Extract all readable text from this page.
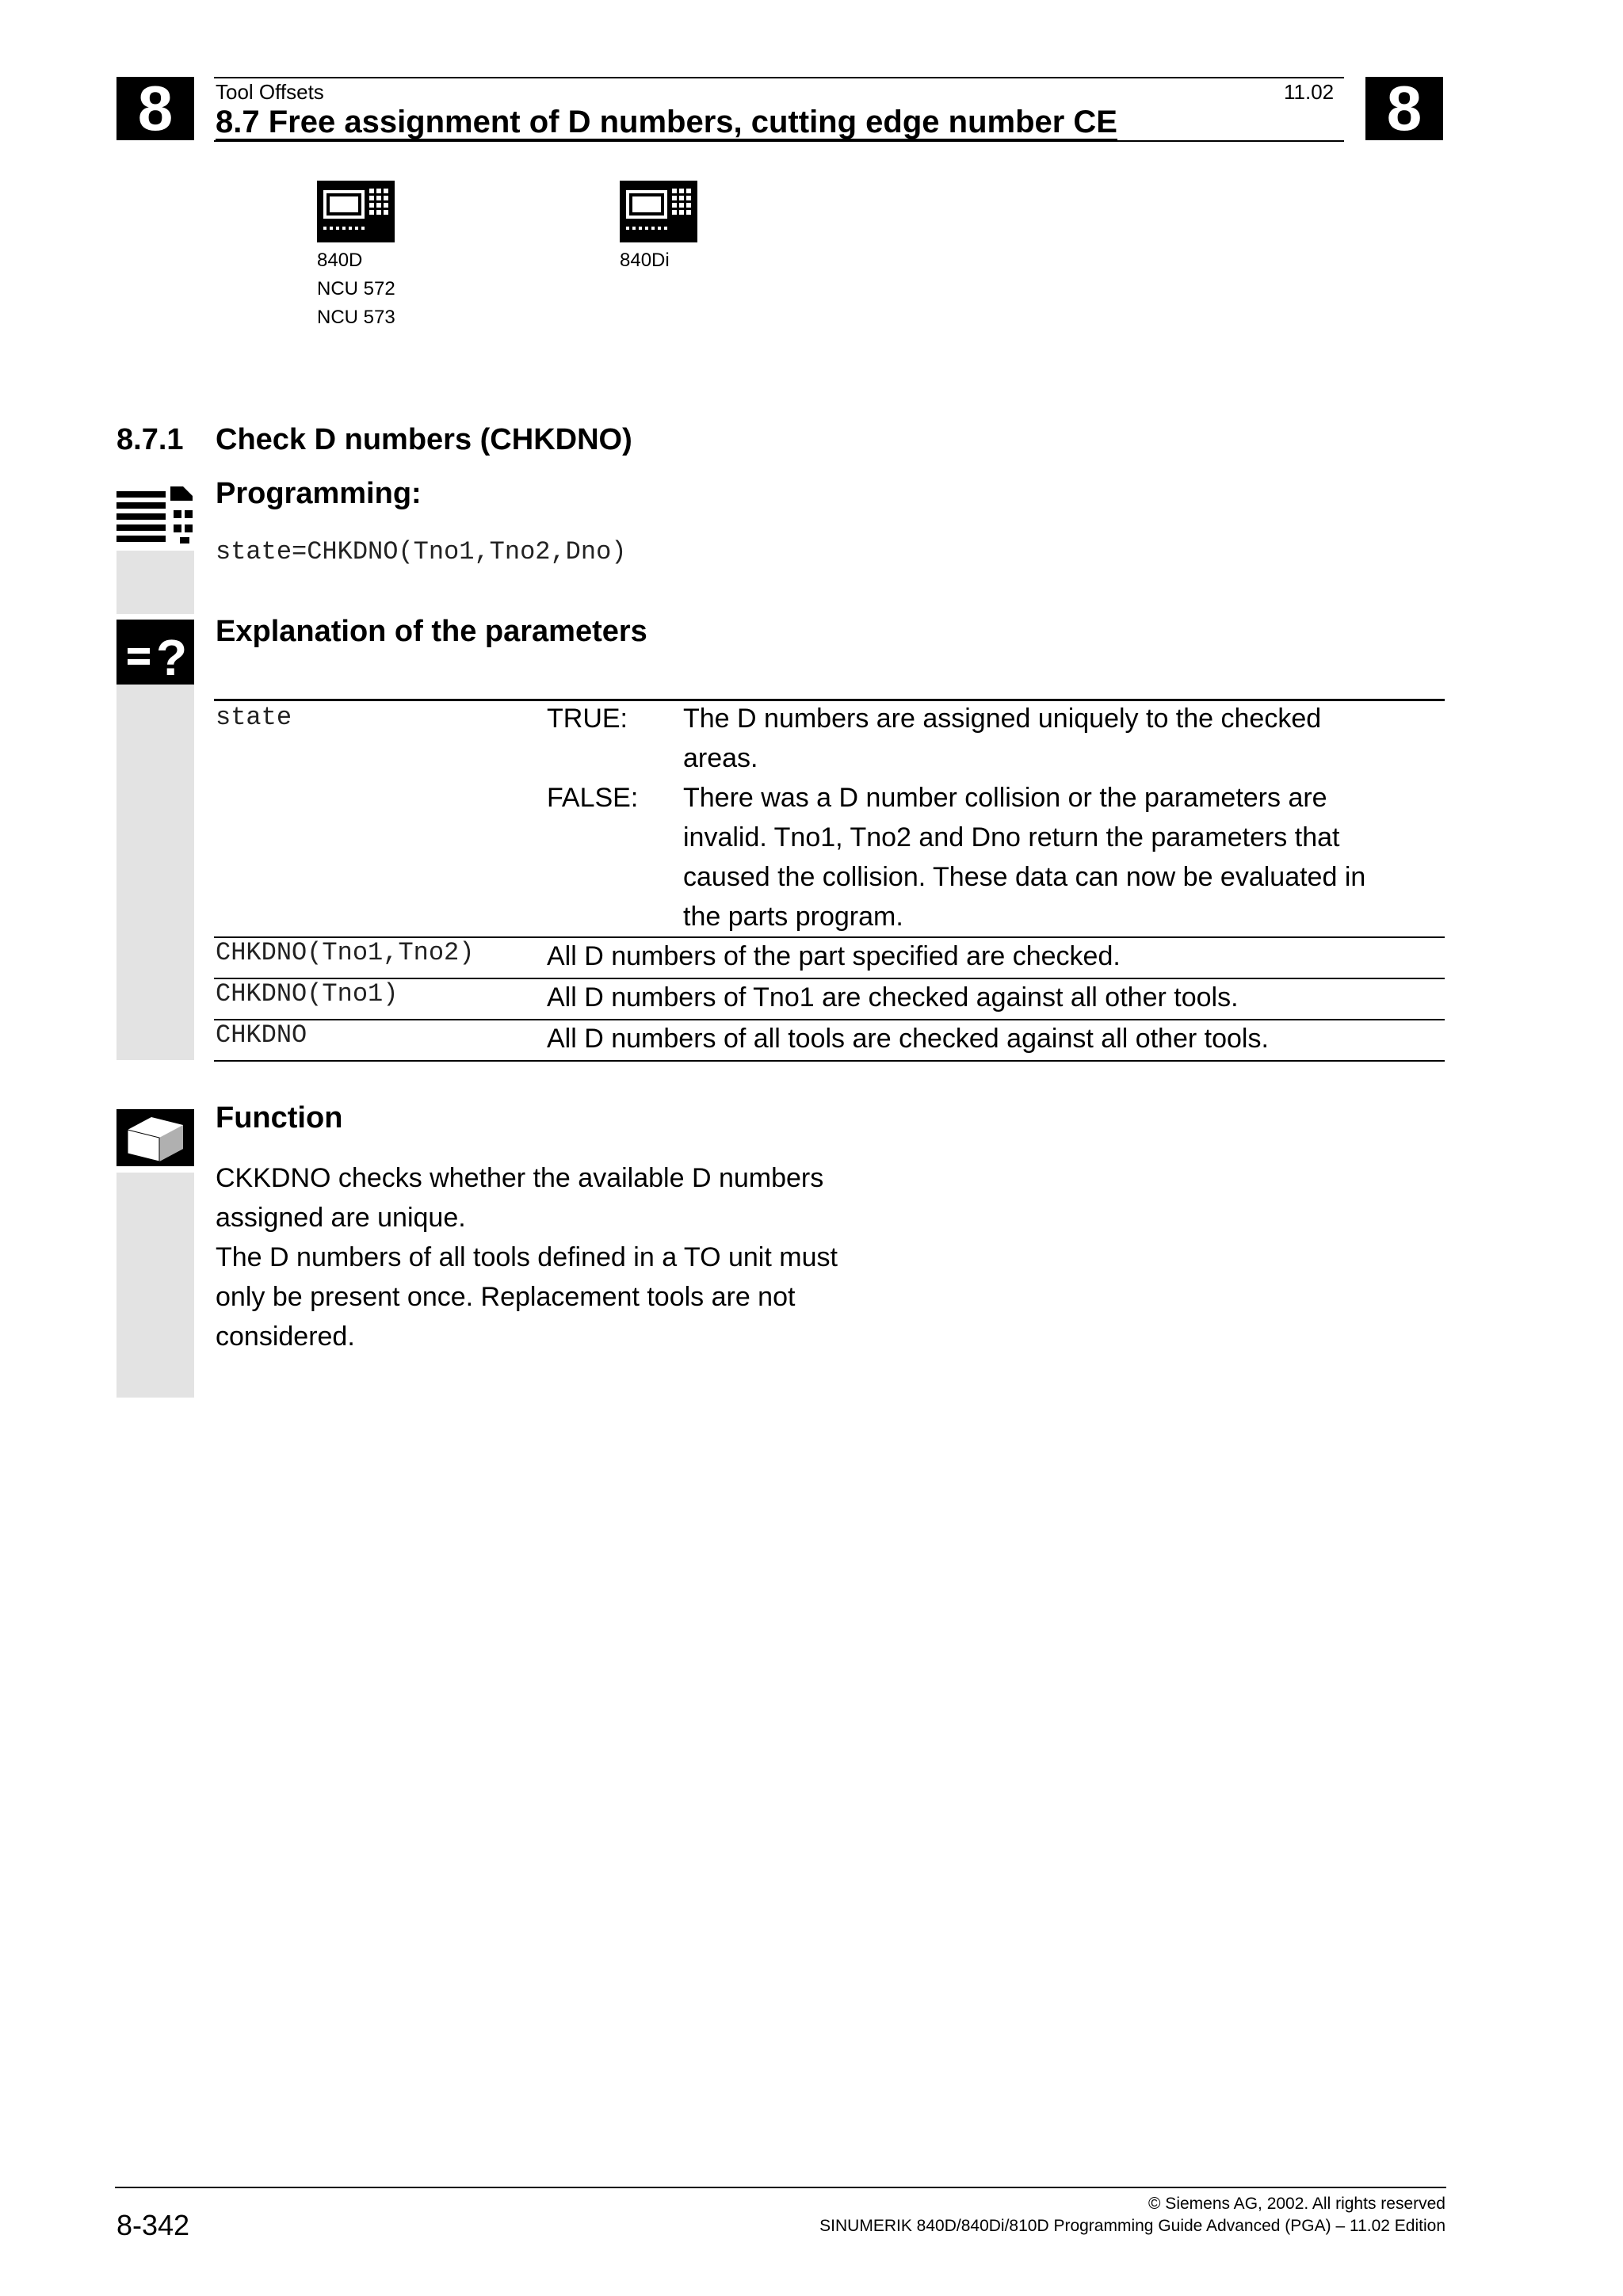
8	8
Tool Offsets	11.02
8.7 Free assignment of D numbers, cutting edge number CE
840D
NCU 572
NCU 573
840Di
8.7.1 Check D numbers (CHKDNO)
Programming:
state=CHKDNO(Tno1,Tno2,Dno)
? Explanation of the parameters
state	TRUE: The D numbers are assigned uniquely to the checked
areas.
FALSE: There was a D number collision or the parameters are
invalid. Tno1, Tno2 and Dno return the parameters that
caused the collision. These data can now be evaluated in
the parts program.
CHKDNO(Tno1,Tno2)	All D numbers of the part specified are checked.
CHKDNO(Tno1)	All D numbers of Tno1 are checked against all other tools.
CHKDNO	All D numbers of all tools are checked against all other tools.
Function
CKKDNO checks whether the available D numbers
assigned are unique.
The D numbers of all tools defined in a TO unit must
only be present once. Replacement tools are not
considered.
8-342
© Siemens AG, 2002. All rights reserved
SINUMERIK 840D/840Di/810D Programming Guide Advanced (PGA) – 11.02 Edition
